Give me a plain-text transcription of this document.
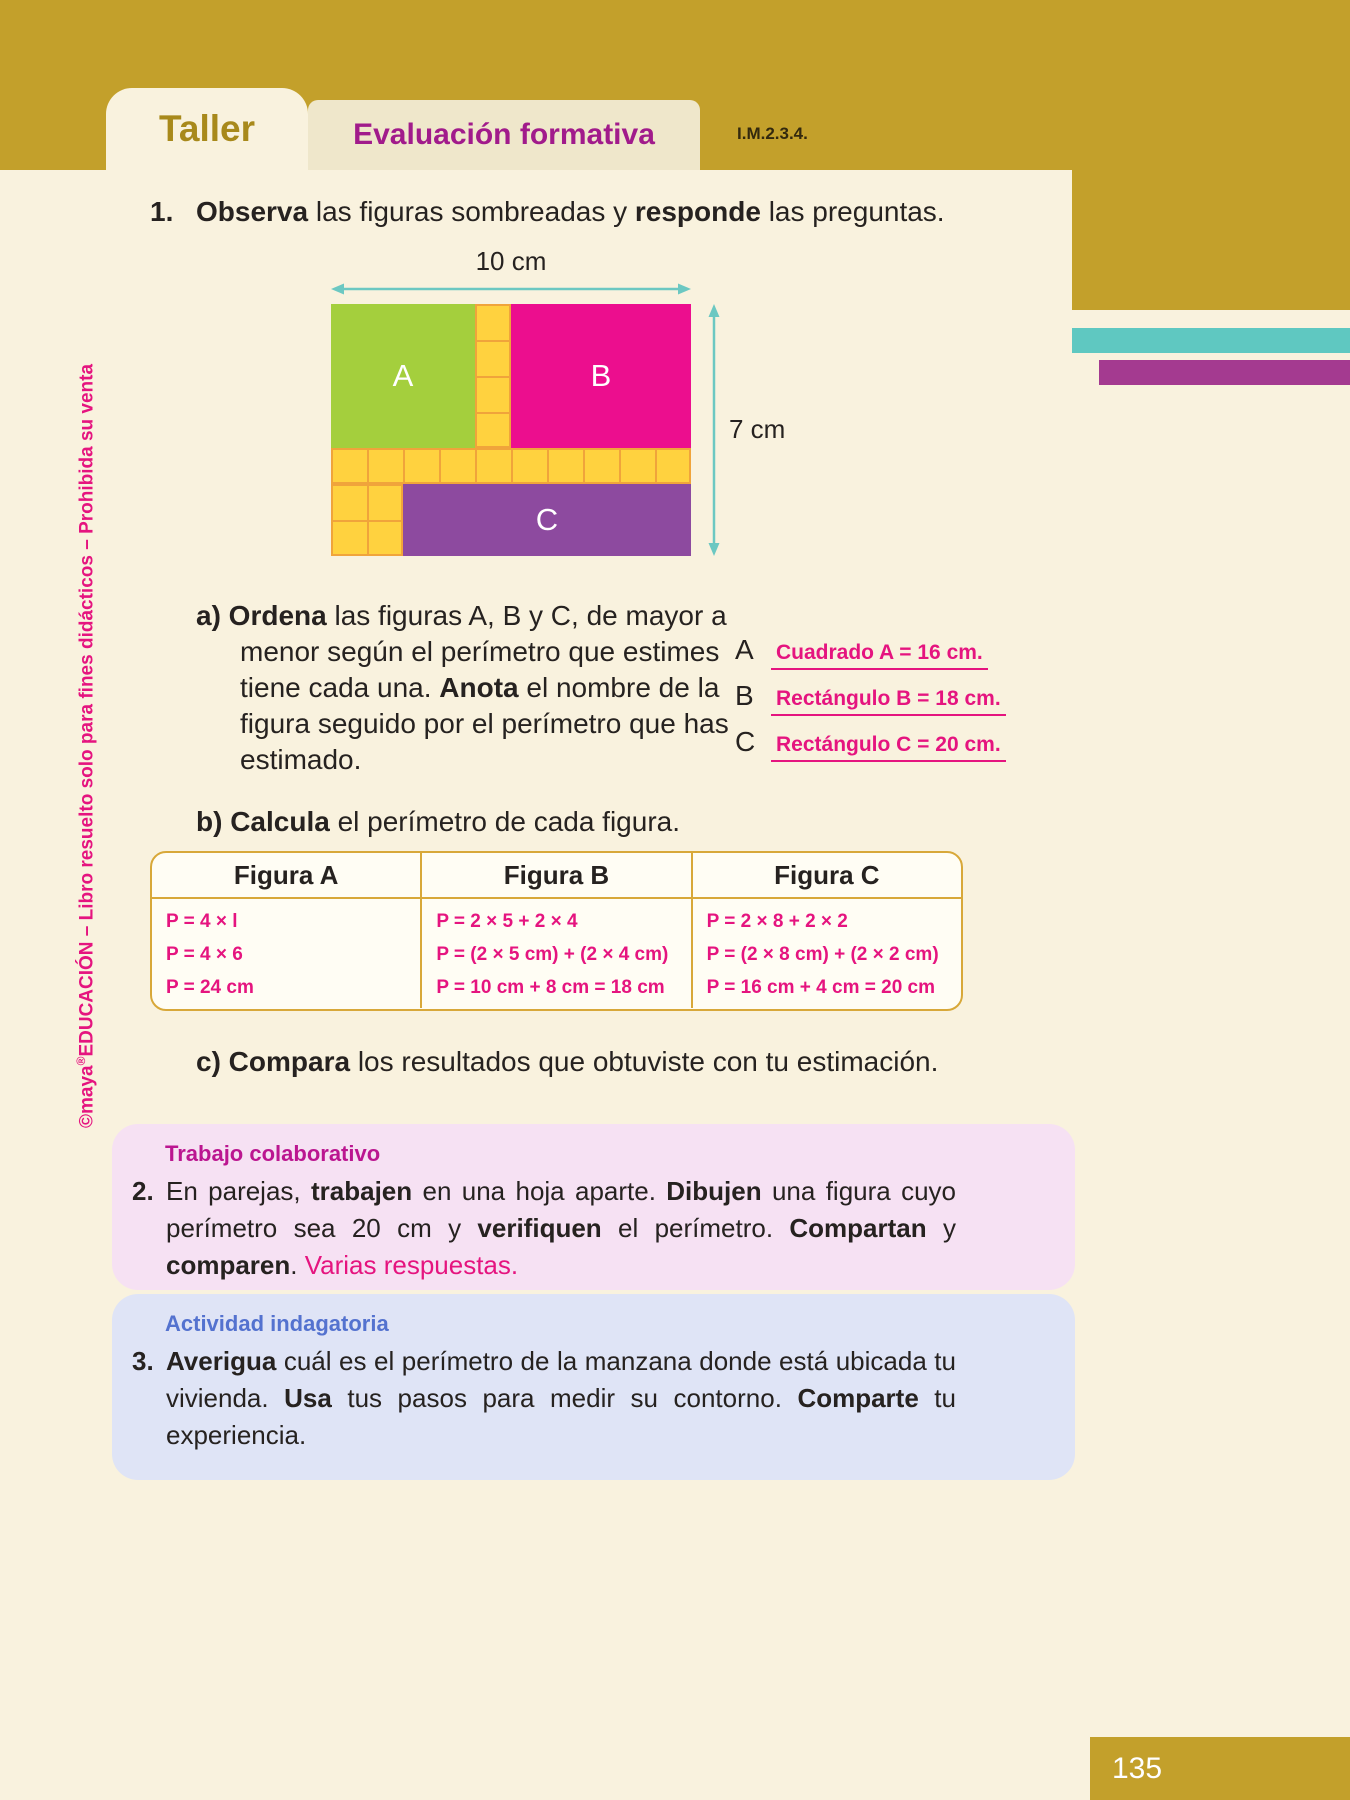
Taller	Evaluación formativa	I.M.2.3.4.
©maya®EDUCACIÓN – Libro resuelto solo para fines didácticos – Prohibida su venta
1. Observa las figuras sombreadas y responde las preguntas.
10 cm
A	B
C
7 cm
a) Ordena las figuras A, B y C, de mayor a menor según el perímetro que estimes tiene cada una. Anota el nombre de la figura seguido por el perímetro que has estimado.
A	Cuadrado A = 16 cm.
B	Rectángulo B = 18 cm.
C Rectángulo C = 20 cm.
b) Calcula el perímetro de cada figura.
Figura A	Figura B	Figura C
P = 4 × l
P = 4 × 6
P = 24 cm
P = 2 × 5 + 2 × 4
P = (2 × 5 cm) + (2 × 4 cm)
P = 10 cm + 8 cm = 18 cm
P = 2 × 8 + 2 × 2
P = (2 × 8 cm) + (2 × 2 cm)
P = 16 cm + 4 cm = 20 cm
c) Compara los resultados que obtuviste con tu estimación.
Trabajo colaborativo
2. En parejas, trabajen en una hoja aparte. Dibujen una figura cuyo perímetro sea 20 cm y verifiquen el perímetro. Compartan y comparen. Varias respuestas.
Actividad indagatoria
3. Averigua cuál es el perímetro de la manzana donde está ubicada tu vivienda. Usa tus pasos para medir su contorno. Comparte tu experiencia.
135
